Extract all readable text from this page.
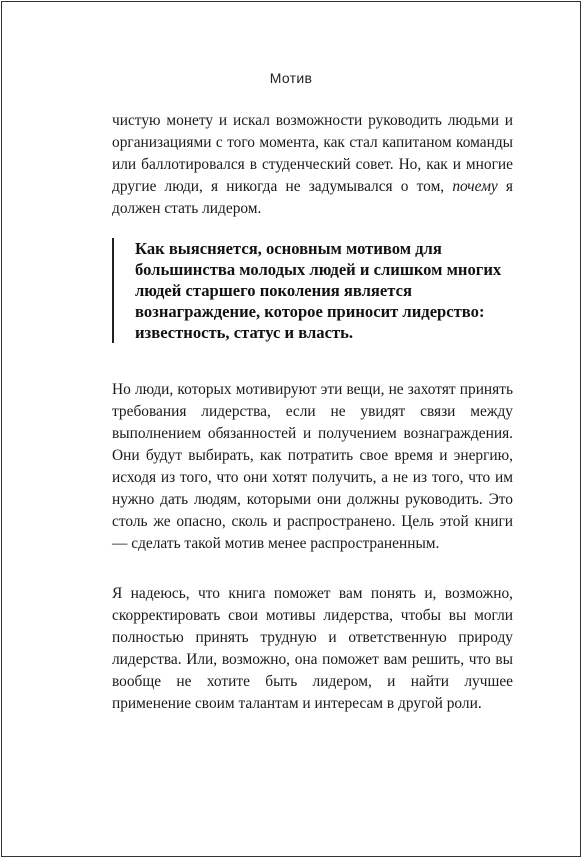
Мотив

чистую монету и искал возможности руководить людьми и организациями с того момента, как стал капитаном команды или баллотировался в студенческий совет. Но, как и многие другие люди, я никогда не задумывался о том, почему я должен стать лидером.

Как выясняется, основным мотивом для большинства молодых людей и слишком многих людей старшего поколения является вознаграждение, которое приносит лидерство: известность, статус и власть.

Но люди, которых мотивируют эти вещи, не захотят принять требования лидерства, если не увидят связи между выполнением обязанностей и получением вознаграждения. Они будут выбирать, как потратить свое время и энергию, исходя из того, что они хотят получить, а не из того, что им нужно дать людям, которыми они должны руководить. Это столь же опасно, сколь и распространено. Цель этой книги — сделать такой мотив менее распространенным.

Я надеюсь, что книга поможет вам понять и, возможно, скорректировать свои мотивы лидерства, чтобы вы могли полностью принять трудную и ответственную природу лидерства. Или, возможно, она поможет вам решить, что вы вообще не хотите быть лидером, и найти лучшее применение своим талантам и интересам в другой роли.
